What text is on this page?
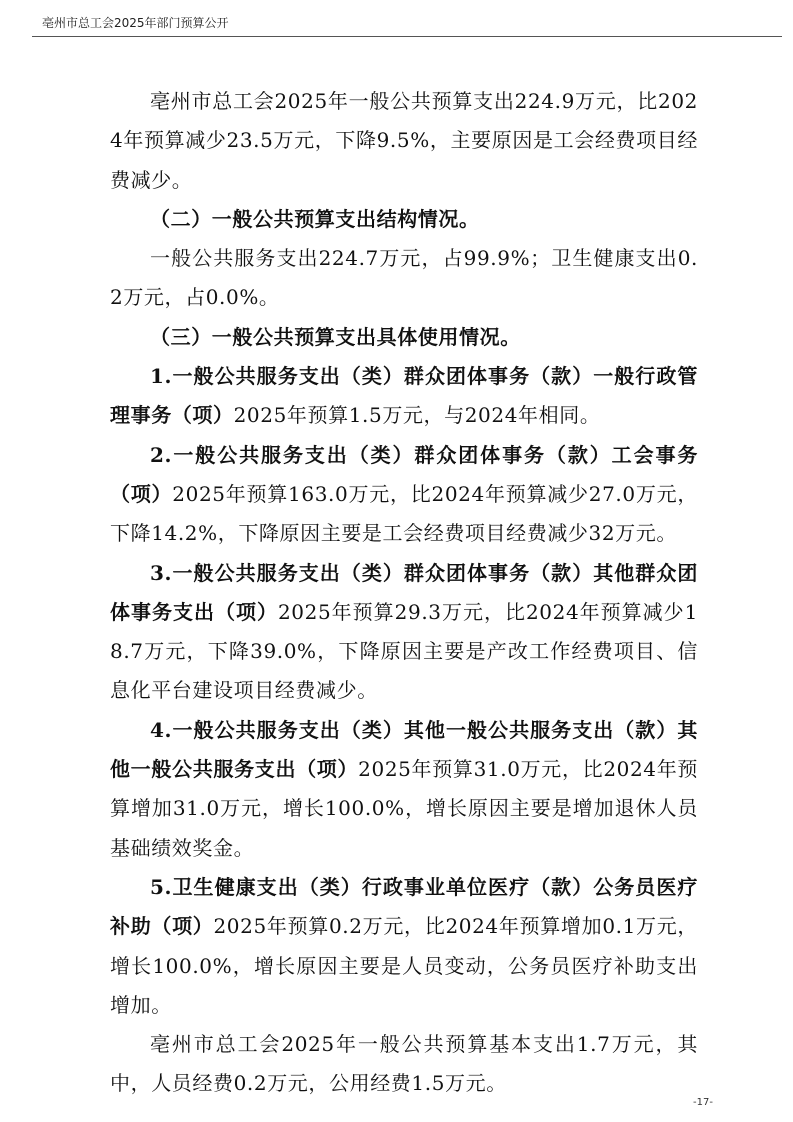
亳州市总工会2025年部门预算公开

亳州市总工会2025年一般公共预算支出224.9万元，比2024年预算减少23.5万元，下降9.5%，主要原因是工会经费项目经费减少。

（二）一般公共预算支出结构情况。

一般公共服务支出224.7万元，占99.9%；卫生健康支出0.2万元，占0.0%。

（三）一般公共预算支出具体使用情况。

1.一般公共服务支出（类）群众团体事务（款）一般行政管理事务（项）2025年预算1.5万元，与2024年相同。

2.一般公共服务支出（类）群众团体事务（款）工会事务（项）2025年预算163.0万元，比2024年预算减少27.0万元，下降14.2%，下降原因主要是工会经费项目经费减少32万元。

3.一般公共服务支出（类）群众团体事务（款）其他群众团体事务支出（项）2025年预算29.3万元，比2024年预算减少18.7万元，下降39.0%，下降原因主要是产改工作经费项目、信息化平台建设项目经费减少。

4.一般公共服务支出（类）其他一般公共服务支出（款）其他一般公共服务支出（项）2025年预算31.0万元，比2024年预算增加31.0万元，增长100.0%，增长原因主要是增加退休人员基础绩效奖金。

5.卫生健康支出（类）行政事业单位医疗（款）公务员医疗补助（项）2025年预算0.2万元，比2024年预算增加0.1万元，增长100.0%，增长原因主要是人员变动，公务员医疗补助支出增加。

亳州市总工会2025年一般公共预算基本支出1.7万元，其中，人员经费0.2万元，公用经费1.5万元。

-17-
